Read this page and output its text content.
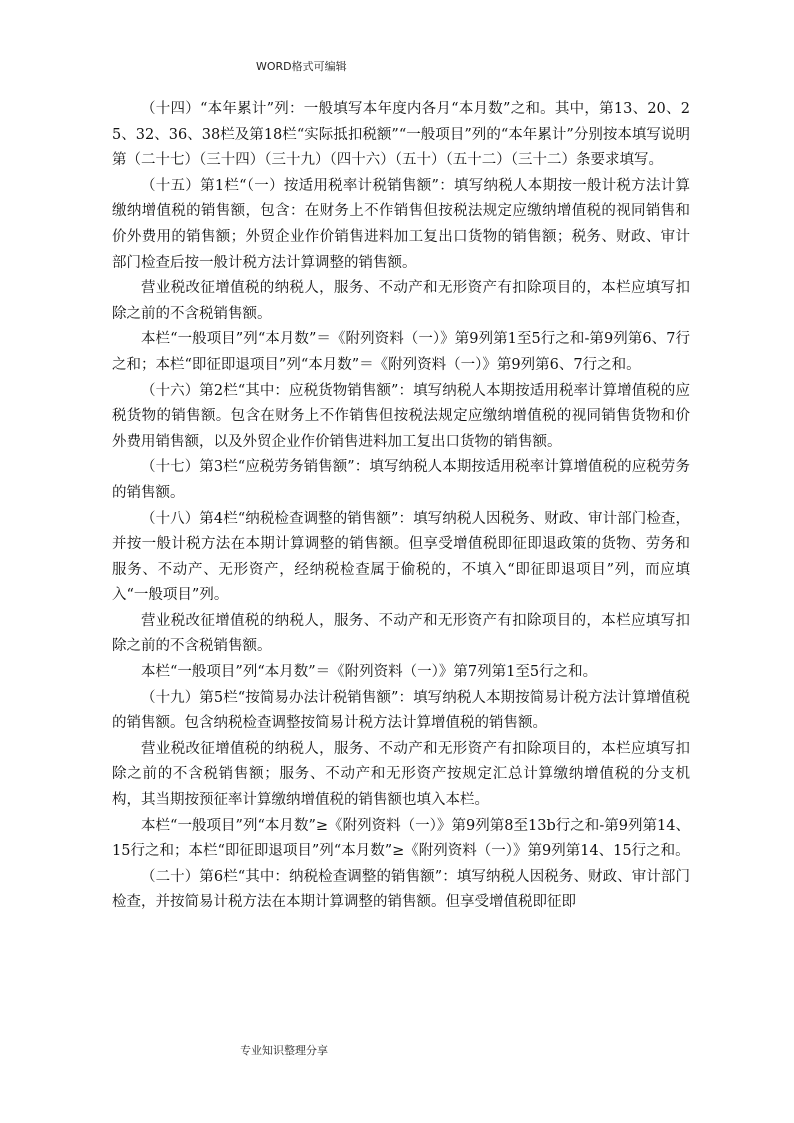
WORD格式可编辑

（十四）“本年累计”列：一般填写本年度内各月“本月数”之和。其中，第13、20、25、32、36、38栏及第18栏“实际抵扣税额”“一般项目”列的“本年累计”分别按本填写说明第（二十七）（三十四）（三十九）（四十六）（五十）（五十二）（三十二）条要求填写。

（十五）第1栏“（一）按适用税率计税销售额”：填写纳税人本期按一般计税方法计算缴纳增值税的销售额，包含：在财务上不作销售但按税法规定应缴纳增值税的视同销售和价外费用的销售额；外贸企业作价销售进料加工复出口货物的销售额；税务、财政、审计部门检查后按一般计税方法计算调整的销售额。

营业税改征增值税的纳税人，服务、不动产和无形资产有扣除项目的，本栏应填写扣除之前的不含税销售额。

本栏“一般项目”列“本月数”＝《附列资料（一）》第9列第1至5行之和-第9列第6、7行之和；本栏“即征即退项目”列“本月数”＝《附列资料（一）》第9列第6、7行之和。

（十六）第2栏“其中：应税货物销售额”：填写纳税人本期按适用税率计算增值税的应税货物的销售额。包含在财务上不作销售但按税法规定应缴纳增值税的视同销售货物和价外费用销售额，以及外贸企业作价销售进料加工复出口货物的销售额。

（十七）第3栏“应税劳务销售额”：填写纳税人本期按适用税率计算增值税的应税劳务的销售额。

（十八）第4栏“纳税检查调整的销售额”：填写纳税人因税务、财政、审计部门检查，并按一般计税方法在本期计算调整的销售额。但享受增值税即征即退政策的货物、劳务和服务、不动产、无形资产，经纳税检查属于偷税的，不填入“即征即退项目”列，而应填入“一般项目”列。

营业税改征增值税的纳税人，服务、不动产和无形资产有扣除项目的，本栏应填写扣除之前的不含税销售额。

本栏“一般项目”列“本月数”＝《附列资料（一）》第7列第1至5行之和。

（十九）第5栏“按简易办法计税销售额”：填写纳税人本期按简易计税方法计算增值税的销售额。包含纳税检查调整按简易计税方法计算增值税的销售额。

营业税改征增值税的纳税人，服务、不动产和无形资产有扣除项目的，本栏应填写扣除之前的不含税销售额；服务、不动产和无形资产按规定汇总计算缴纳增值税的分支机构，其当期按预征率计算缴纳增值税的销售额也填入本栏。

本栏“一般项目”列“本月数”≥《附列资料（一）》第9列第8至13b行之和-第9列第14、15行之和；本栏“即征即退项目”列“本月数”≥《附列资料（一）》第9列第14、15行之和。

（二十）第6栏“其中：纳税检查调整的销售额”：填写纳税人因税务、财政、审计部门检查，并按简易计税方法在本期计算调整的销售额。但享受增值税即征即

专业知识整理分享
